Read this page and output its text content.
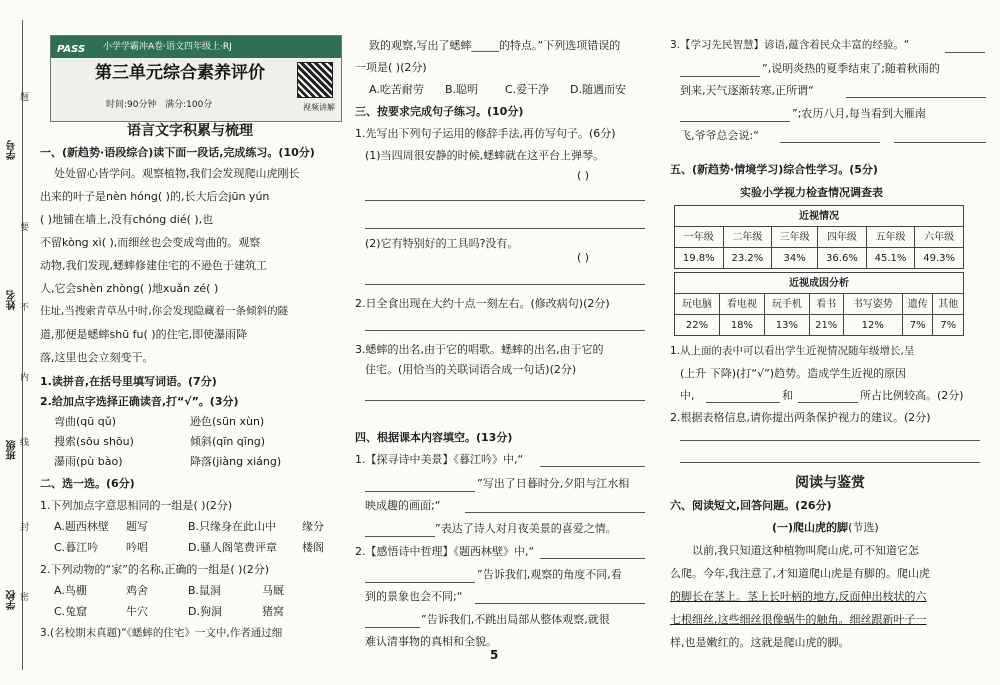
学号
姓名
班级
学校
题
要
不
内
线
封
密
PASS 小学学霸冲A卷·语文四年级上·RJ
第三单元综合素养评价
时间:90分钟 满分:100分	视频讲解
语言文字积累与梳理
一、(新趋势·语段综合)读下面一段话,完成练习。(10分)
处处留心皆学问。观察植物,我们会发现爬山虎刚长
出来的叶子是nèn hóng( )的,长大后会jūn yún
( )地铺在墙上,没有chóng dié( ),也
不留kòng xì( ),而细丝也会变成弯曲的。观察
动物,我们发现,蟋蟀修建住宅的不逊色于建筑工
人,它会shèn zhòng( )地xuǎn zé( )
住址,当搜索青草丛中时,你会发现隐藏着一条倾斜的隧
道,那便是蟋蟀shū fu( )的住宅,即使瀑雨降
落,这里也会立刻变干。
1.读拼音,在括号里填写词语。(7分)
2.给加点字选择正确读音,打“√”。(3分)
弯曲(qū qǔ)	逊色(sūn xùn)
搜索(sōu shōu)	倾斜(qīn qīng)
瀑雨(pù bào)	降落(jiàng xiáng)
二、选一选。(6分)
1.下列加点字意思相同的一组是( )(2分)
A.题西林壁 题写	B.只缘身在此山中 缘分
C.暮江吟	吟唱	D.骚人阁笔费评章 楼阁
2.下列动物的“家”的名称,正确的一组是( )(2分)
A.鸟棚	鸡舍	B.鼠洞	马厩
C.兔窟	牛穴	D.狗洞	猪窝
3.(名校期末真题)“《蟋蟀的住宅》一文中,作者通过细
致的观察,写出了蟋蟀_____的特点。”下列选项错误的
一项是( )(2分)
A.吃苦耐劳 B.聪明 C.爱干净 D.随遇而安
三、按要求完成句子练习。(10分)
1.先写出下列句子运用的修辞手法,再仿写句子。(6分)
(1)当四周很安静的时候,蟋蟀就在这平台上弹琴。
( )
(2)它有特别好的工具吗?没有。
( )
2.日全食出现在大约十点一刻左右。(修改病句)(2分)
3.蟋蟀的出名,由于它的唱歌。蟋蟀的出名,由于它的
住宅。(用恰当的关联词语合成一句话)(2分)
四、根据课本内容填空。(13分)
1.【探寻诗中美景】《暮江吟》中,“
”写出了日暮时分,夕阳与江水相
映成趣的画面;“
”表达了诗人对月夜美景的喜爱之情。
2.【感悟诗中哲理】《题西林壁》中,“
”告诉我们,观察的角度不同,看
到的景象也会不同;“
”告诉我们,不跳出局部从整体观察,就很
难认清事物的真相和全貌。
3.【学习先民智慧】谚语,蕴含着民众丰富的经验。“
”,说明炎热的夏季结束了;随着秋雨的
到来,天气逐渐转寒,正所谓“
”;农历八月,每当看到大雁南
飞,爷爷总会说:“
五、(新趋势·情境学习)综合性学习。(5分)
实验小学视力检查情况调查表
近视情况					
一年级	二年级	三年级	四年级	五年级	六年级
19.8%	23.2%	34%	36.6%	45.1%	49.3%
近视成因分析						
玩电脑	看电视	玩手机	看书	书写姿势	遗传	其他
22%	18%	13%	21%	12%	7%	7%
1.从上面的表中可以看出学生近视情况随年级增长,呈
(上升 下降)(打“√”)趋势。造成学生近视的原因
中,	和	所占比例较高。(2分)
2.根据表格信息,请你提出两条保护视力的建议。(2分)
阅读与鉴赏
六、阅读短文,回答问题。(26分)
(一)爬山虎的脚(节选)
以前,我只知道这种植物叫爬山虎,可不知道它怎
么爬。今年,我注意了,才知道爬山虎是有脚的。爬山虎
的脚长在茎上。茎上长叶柄的地方,反面伸出枝状的六
七根细丝,这些细丝很像蜗牛的触角。细丝跟新叶子一
样,也是嫩红的。这就是爬山虎的脚。
5
